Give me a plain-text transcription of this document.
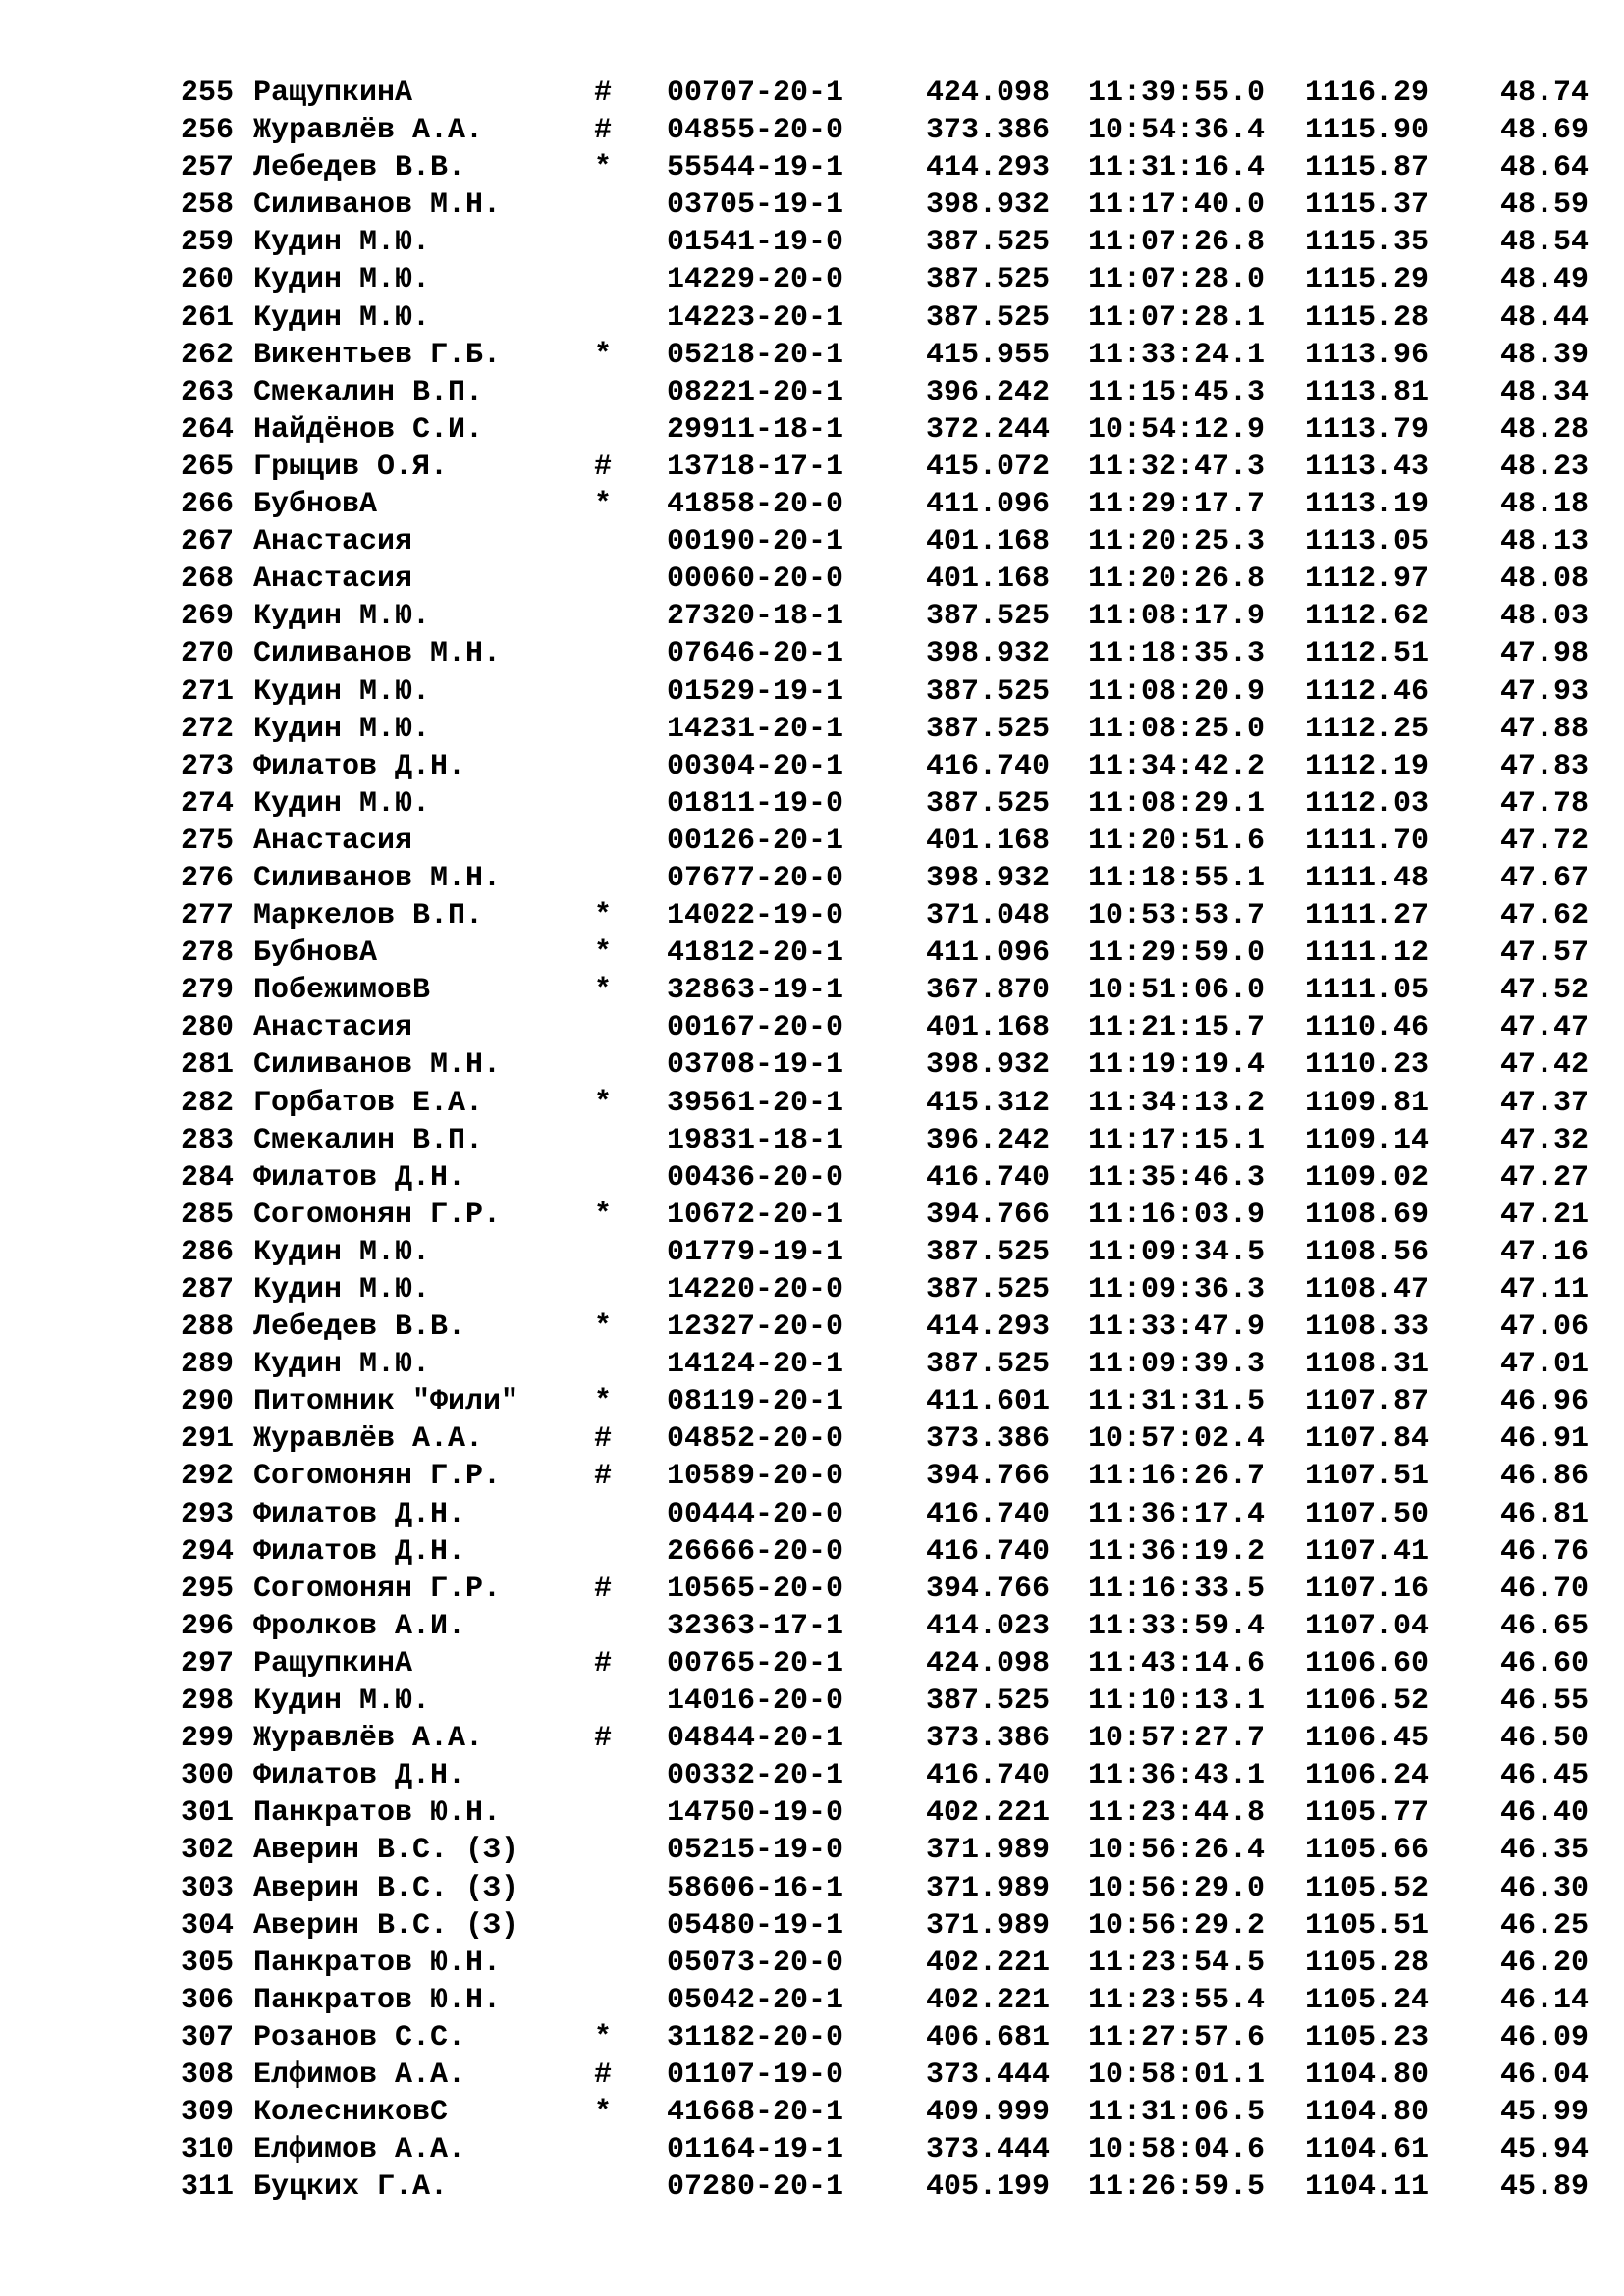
255 РащупкинА	# 00707-20-1	424.098 11:39:55.0 1116.29	48.74
256 Журавлёв А.А.	# 04855-20-0	373.386 10:54:36.4 1115.90	48.69
257 Лебедев В.В.	* 55544-19-1	414.293 11:31:16.4 1115.87	48.64
258 Силиванов М.Н.	03705-19-1	398.932 11:17:40.0 1115.37	48.59
259 Кудин М.Ю.	01541-19-0	387.525 11:07:26.8 1115.35	48.54
260 Кудин М.Ю.	14229-20-0	387.525 11:07:28.0 1115.29	48.49
261 Кудин М.Ю.	14223-20-1	387.525 11:07:28.1 1115.28	48.44
262 Викентьев Г.Б.	* 05218-20-1	415.955 11:33:24.1 1113.96	48.39
263 Смекалин В.П.	08221-20-1	396.242 11:15:45.3 1113.81	48.34
264 Найдёнов С.И.	29911-18-1	372.244 10:54:12.9 1113.79	48.28
265 Грыцив О.Я.	# 13718-17-1	415.072 11:32:47.3 1113.43	48.23
266 БубновА	* 41858-20-0	411.096 11:29:17.7 1113.19	48.18
267 Анастасия	00190-20-1	401.168 11:20:25.3 1113.05	48.13
268 Анастасия	00060-20-0	401.168 11:20:26.8 1112.97	48.08
269 Кудин М.Ю.	27320-18-1	387.525 11:08:17.9 1112.62	48.03
270 Силиванов М.Н.	07646-20-1	398.932 11:18:35.3 1112.51	47.98
271 Кудин М.Ю.	01529-19-1	387.525 11:08:20.9 1112.46	47.93
272 Кудин М.Ю.	14231-20-1	387.525 11:08:25.0 1112.25	47.88
273 Филатов Д.Н.	00304-20-1	416.740 11:34:42.2 1112.19	47.83
274 Кудин М.Ю.	01811-19-0	387.525 11:08:29.1 1112.03	47.78
275 Анастасия	00126-20-1	401.168 11:20:51.6 1111.70	47.72
276 Силиванов М.Н.	07677-20-0	398.932 11:18:55.1 1111.48	47.67
277 Маркелов В.П.	* 14022-19-0	371.048 10:53:53.7 1111.27	47.62
278 БубновА	* 41812-20-1	411.096 11:29:59.0 1111.12	47.57
279 ПобежимовВ	* 32863-19-1	367.870 10:51:06.0 1111.05	47.52
280 Анастасия	00167-20-0	401.168 11:21:15.7 1110.46	47.47
281 Силиванов М.Н.	03708-19-1	398.932 11:19:19.4 1110.23	47.42
282 Горбатов Е.А.	* 39561-20-1	415.312 11:34:13.2 1109.81	47.37
283 Смекалин В.П.	19831-18-1	396.242 11:17:15.1 1109.14	47.32
284 Филатов Д.Н.	00436-20-0	416.740 11:35:46.3 1109.02	47.27
285 Согомонян Г.Р.	* 10672-20-1	394.766 11:16:03.9 1108.69	47.21
286 Кудин М.Ю.	01779-19-1	387.525 11:09:34.5 1108.56	47.16
287 Кудин М.Ю.	14220-20-0	387.525 11:09:36.3 1108.47	47.11
288 Лебедев В.В.	* 12327-20-0	414.293 11:33:47.9 1108.33	47.06
289 Кудин М.Ю.	14124-20-1	387.525 11:09:39.3 1108.31	47.01
290 Питомник "Фили"	* 08119-20-1	411.601 11:31:31.5 1107.87	46.96
291 Журавлёв А.А.	# 04852-20-0	373.386 10:57:02.4 1107.84	46.91
292 Согомонян Г.Р.	# 10589-20-0	394.766 11:16:26.7 1107.51	46.86
293 Филатов Д.Н.	00444-20-0	416.740 11:36:17.4 1107.50	46.81
294 Филатов Д.Н.	26666-20-0	416.740 11:36:19.2 1107.41	46.76
295 Согомонян Г.Р.	# 10565-20-0	394.766 11:16:33.5 1107.16	46.70
296 Фролков А.И.	32363-17-1	414.023 11:33:59.4 1107.04	46.65
297 РащупкинА	# 00765-20-1	424.098 11:43:14.6 1106.60	46.60
298 Кудин М.Ю.	14016-20-0	387.525 11:10:13.1 1106.52	46.55
299 Журавлёв А.А.	# 04844-20-1	373.386 10:57:27.7 1106.45	46.50
300 Филатов Д.Н.	00332-20-1	416.740 11:36:43.1 1106.24	46.45
301 Панкратов Ю.Н.	14750-19-0	402.221 11:23:44.8 1105.77	46.40
302 Аверин В.С. (З)	05215-19-0	371.989 10:56:26.4 1105.66	46.35
303 Аверин В.С. (З)	58606-16-1	371.989 10:56:29.0 1105.52	46.30
304 Аверин В.С. (З)	05480-19-1	371.989 10:56:29.2 1105.51	46.25
305 Панкратов Ю.Н.	05073-20-0	402.221 11:23:54.5 1105.28	46.20
306 Панкратов Ю.Н.	05042-20-1	402.221 11:23:55.4 1105.24	46.14
307 Розанов С.С.	* 31182-20-0	406.681 11:27:57.6 1105.23	46.09
308 Елфимов А.А.	# 01107-19-0	373.444 10:58:01.1 1104.80	46.04
309 КолесниковС	* 41668-20-1	409.999 11:31:06.5 1104.80	45.99
310 Елфимов А.А.	01164-19-1	373.444 10:58:04.6 1104.61	45.94
311 Буцких Г.А.	07280-20-1	405.199 11:26:59.5 1104.11	45.89
